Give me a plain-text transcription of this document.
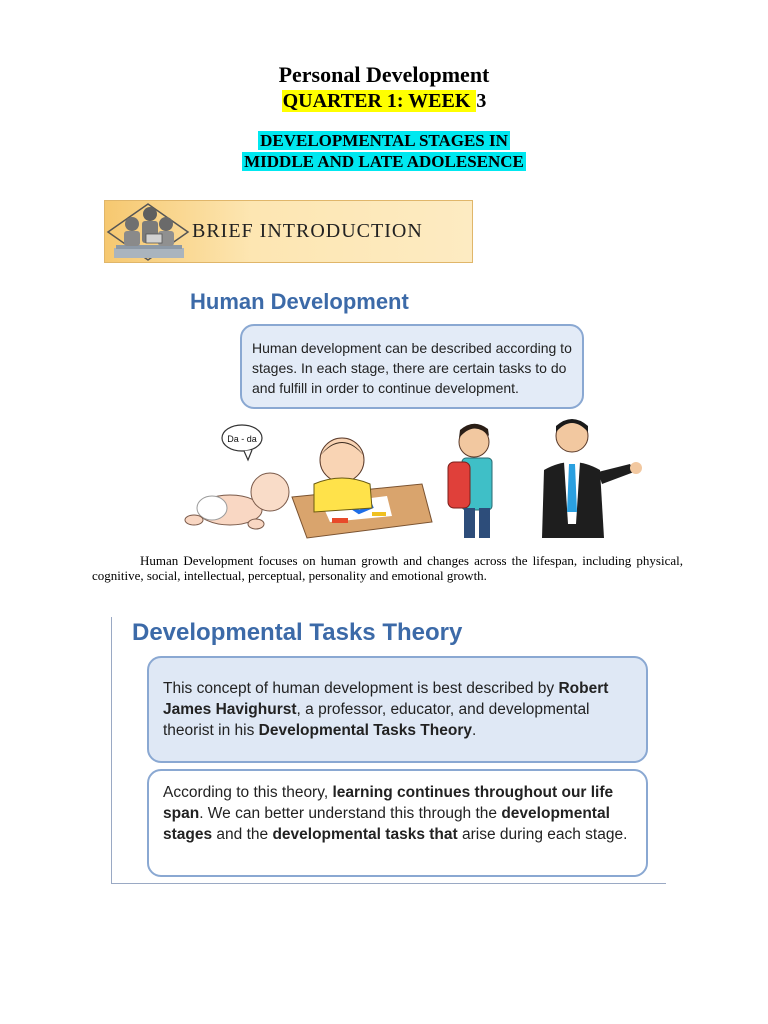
Personal Development
QUARTER 1: WEEK 3
DEVELOPMENTAL STAGES IN
MIDDLE AND LATE ADOLESENCE
BRIEF INTRODUCTION
Human Development
Human development can be described according to stages. In each stage, there are certain tasks to do and fulfill in order to continue development.
Da - da
Human Development focuses on human growth and changes across the lifespan, including physical, cognitive, social, intellectual, perceptual, personality and emotional growth.
Developmental Tasks Theory
This concept of human development is best described by Robert James Havighurst, a professor, educator, and developmental theorist in his Developmental Tasks Theory.
According to this theory, learning continues throughout our life span. We can better understand this through the developmental stages and the developmental tasks that arise during each stage.
